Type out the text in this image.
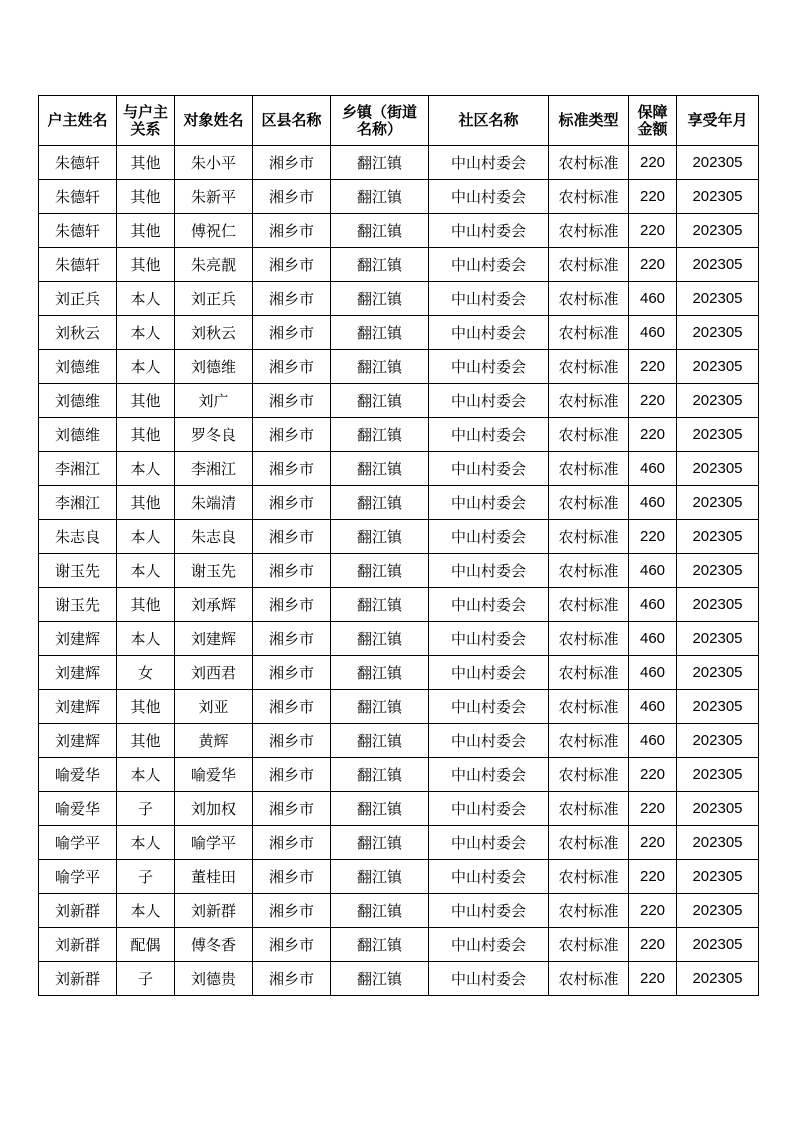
户主姓名	与户主关系	对象姓名	区县名称	乡镇（街道名称）	社区名称	标准类型	保障金额	享受年月
朱德轩	其他	朱小平	湘乡市	翻江镇	中山村委会	农村标准	220	202305
朱德轩	其他	朱新平	湘乡市	翻江镇	中山村委会	农村标准	220	202305
朱德轩	其他	傅祝仁	湘乡市	翻江镇	中山村委会	农村标准	220	202305
朱德轩	其他	朱亮靓	湘乡市	翻江镇	中山村委会	农村标准	220	202305
刘正兵	本人	刘正兵	湘乡市	翻江镇	中山村委会	农村标准	460	202305
刘秋云	本人	刘秋云	湘乡市	翻江镇	中山村委会	农村标准	460	202305
刘德维	本人	刘德维	湘乡市	翻江镇	中山村委会	农村标准	220	202305
刘德维	其他	刘广	湘乡市	翻江镇	中山村委会	农村标准	220	202305
刘德维	其他	罗冬良	湘乡市	翻江镇	中山村委会	农村标准	220	202305
李湘江	本人	李湘江	湘乡市	翻江镇	中山村委会	农村标准	460	202305
李湘江	其他	朱端清	湘乡市	翻江镇	中山村委会	农村标准	460	202305
朱志良	本人	朱志良	湘乡市	翻江镇	中山村委会	农村标准	220	202305
谢玉先	本人	谢玉先	湘乡市	翻江镇	中山村委会	农村标准	460	202305
谢玉先	其他	刘承辉	湘乡市	翻江镇	中山村委会	农村标准	460	202305
刘建辉	本人	刘建辉	湘乡市	翻江镇	中山村委会	农村标准	460	202305
刘建辉	女	刘西君	湘乡市	翻江镇	中山村委会	农村标准	460	202305
刘建辉	其他	刘亚	湘乡市	翻江镇	中山村委会	农村标准	460	202305
刘建辉	其他	黄辉	湘乡市	翻江镇	中山村委会	农村标准	460	202305
喻爱华	本人	喻爱华	湘乡市	翻江镇	中山村委会	农村标准	220	202305
喻爱华	子	刘加权	湘乡市	翻江镇	中山村委会	农村标准	220	202305
喻学平	本人	喻学平	湘乡市	翻江镇	中山村委会	农村标准	220	202305
喻学平	子	董桂田	湘乡市	翻江镇	中山村委会	农村标准	220	202305
刘新群	本人	刘新群	湘乡市	翻江镇	中山村委会	农村标准	220	202305
刘新群	配偶	傅冬香	湘乡市	翻江镇	中山村委会	农村标准	220	202305
刘新群	子	刘德贵	湘乡市	翻江镇	中山村委会	农村标准	220	202305
